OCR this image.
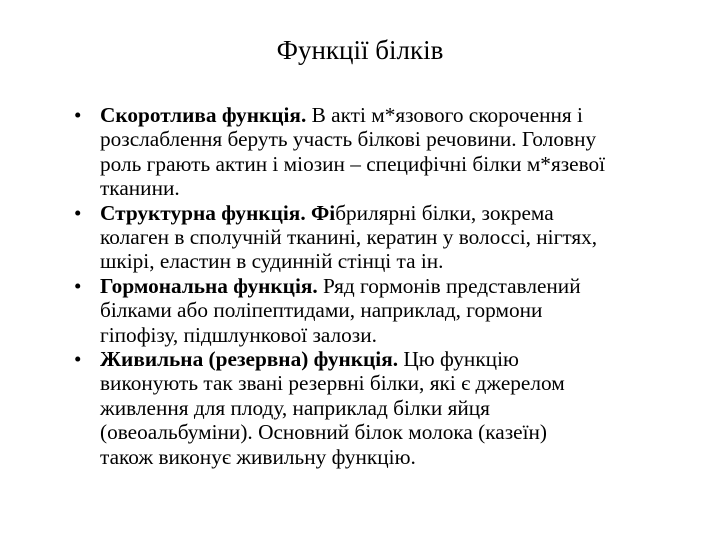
Функції білків
• Скоротлива функція. В акті м*язового скорочення і
розслаблення беруть участь білкові речовини. Головну
роль грають актин і міозин – специфічні білки м*язевої
тканини.
• Структурна функція. Фібрилярні білки, зокрема
колаген в сполучній тканині, кератин у волоссі, нігтях,
шкірі, еластин в судинній стінці та ін.
• Гормональна функція. Ряд гормонів представлений
білками або поліпептидами, наприклад, гормони
гіпофізу, підшлункової залози.
• Живильна (резервна) функція. Цю функцію
виконують так звані резервні білки, які є джерелом
живлення для плоду, наприклад білки яйця
(овеоальбуміни). Основний білок молока (казеїн)
також виконує живильну функцію.
